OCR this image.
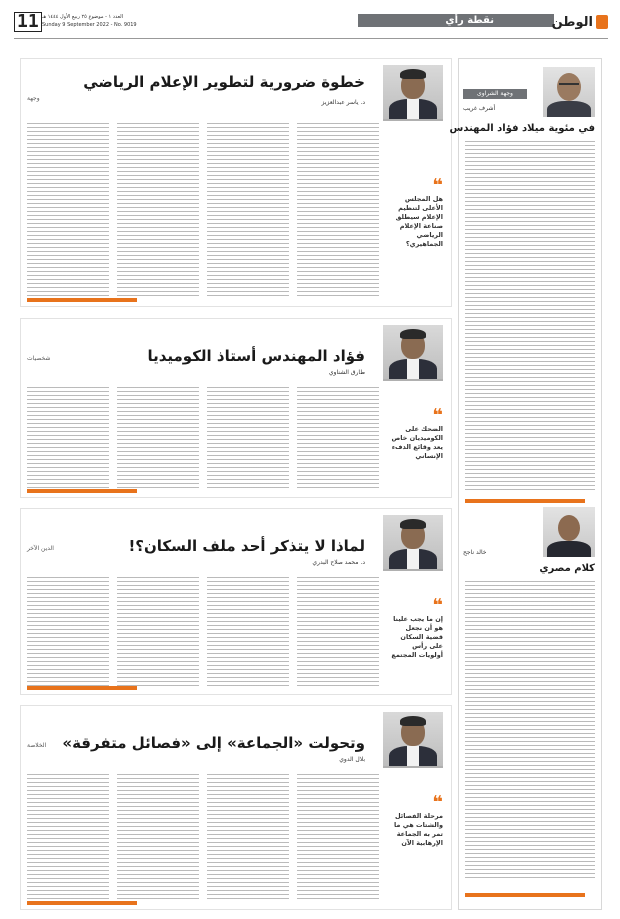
11 العدد ١ - موضوع ٢٥ ربيع الأول ١٤٤٤ هـ
Sunday 9 September 2022 - No. 9019	نقطة رأي	الوطن
خطوة ضرورية لتطوير الإعلام الرياضي
د. ياسر عبدالعزيز
وجهة
❝
هل المجلس الأعلى لتنظيم الإعلام سيطلق صناعة الإعلام الرياضي الجماهيري؟
فؤاد المهندس أستاذ الكوميديا
طارق الشناوي
شخصيات
❝
الضحك على الكوميديان خاص يعد وقائع الدفء الإنساني
لماذا لا يتذكر أحد ملف السكان؟!
د. محمد صلاح البدري
الدين الآخر
❝
إن ما يجب علينا هو أن نجعل قضية السكان على رأس أولويات المجتمع
وتحولت «الجماعة» إلى «فصائل متفرقة»
بلال الدوي
الخلاصة
❝
مرحلة الفصائل والشتات هي ما تمر به الجماعة الإرهابية الآن
وجهة الشراوى
أشرف غريب
في مئوية ميلاد فؤاد المهندس
خالد ناجح
كلام مصري
